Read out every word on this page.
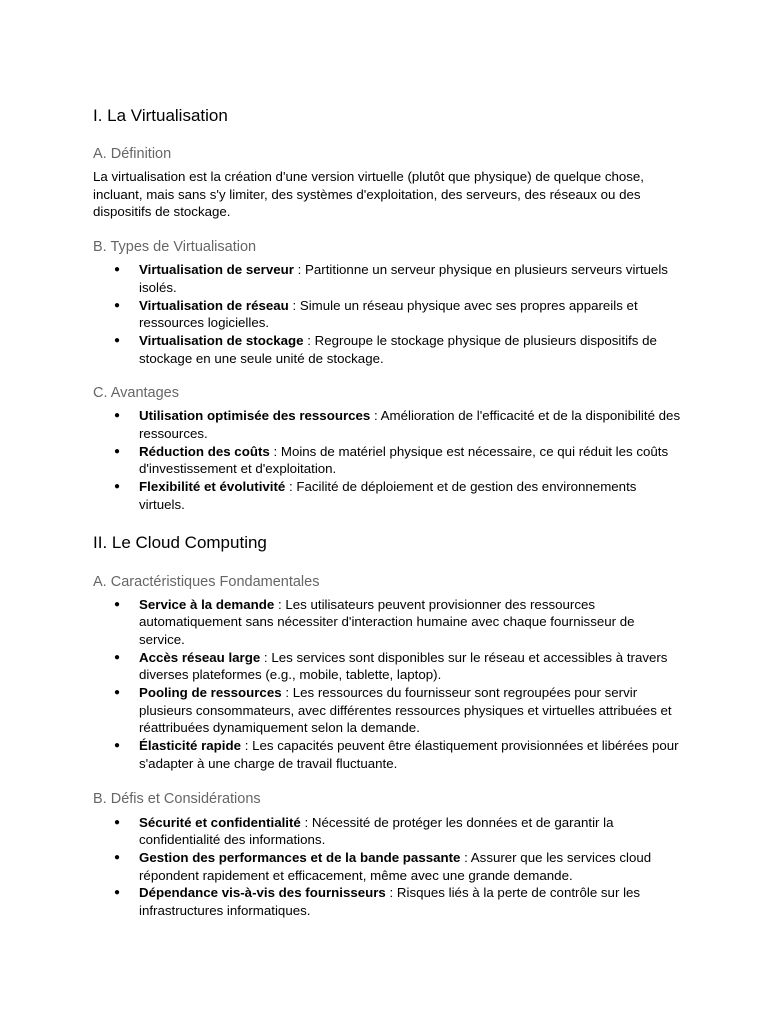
I. La Virtualisation
A. Définition

La virtualisation est la création d'une version virtuelle (plutôt que physique) de quelque chose, incluant, mais sans s'y limiter, des systèmes d'exploitation, des serveurs, des réseaux ou des dispositifs de stockage.

B. Types de Virtualisation
● Virtualisation de serveur : Partitionne un serveur physique en plusieurs serveurs virtuels isolés.
● Virtualisation de réseau : Simule un réseau physique avec ses propres appareils et ressources logicielles.
● Virtualisation de stockage : Regroupe le stockage physique de plusieurs dispositifs de stockage en une seule unité de stockage.
C. Avantages
● Utilisation optimisée des ressources : Amélioration de l'efficacité et de la disponibilité des ressources.
● Réduction des coûts : Moins de matériel physique est nécessaire, ce qui réduit les coûts d'investissement et d'exploitation.
● Flexibilité et évolutivité : Facilité de déploiement et de gestion des environnements virtuels.
II. Le Cloud Computing
A. Caractéristiques Fondamentales
● Service à la demande : Les utilisateurs peuvent provisionner des ressources automatiquement sans nécessiter d'interaction humaine avec chaque fournisseur de service.
● Accès réseau large : Les services sont disponibles sur le réseau et accessibles à travers diverses plateformes (e.g., mobile, tablette, laptop).
● Pooling de ressources : Les ressources du fournisseur sont regroupées pour servir plusieurs consommateurs, avec différentes ressources physiques et virtuelles attribuées et réattribuées dynamiquement selon la demande.
● Élasticité rapide : Les capacités peuvent être élastiquement provisionnées et libérées pour s'adapter à une charge de travail fluctuante.
B. Défis et Considérations
● Sécurité et confidentialité : Nécessité de protéger les données et de garantir la confidentialité des informations.
● Gestion des performances et de la bande passante : Assurer que les services cloud répondent rapidement et efficacement, même avec une grande demande.
● Dépendance vis-à-vis des fournisseurs : Risques liés à la perte de contrôle sur les infrastructures informatiques.
